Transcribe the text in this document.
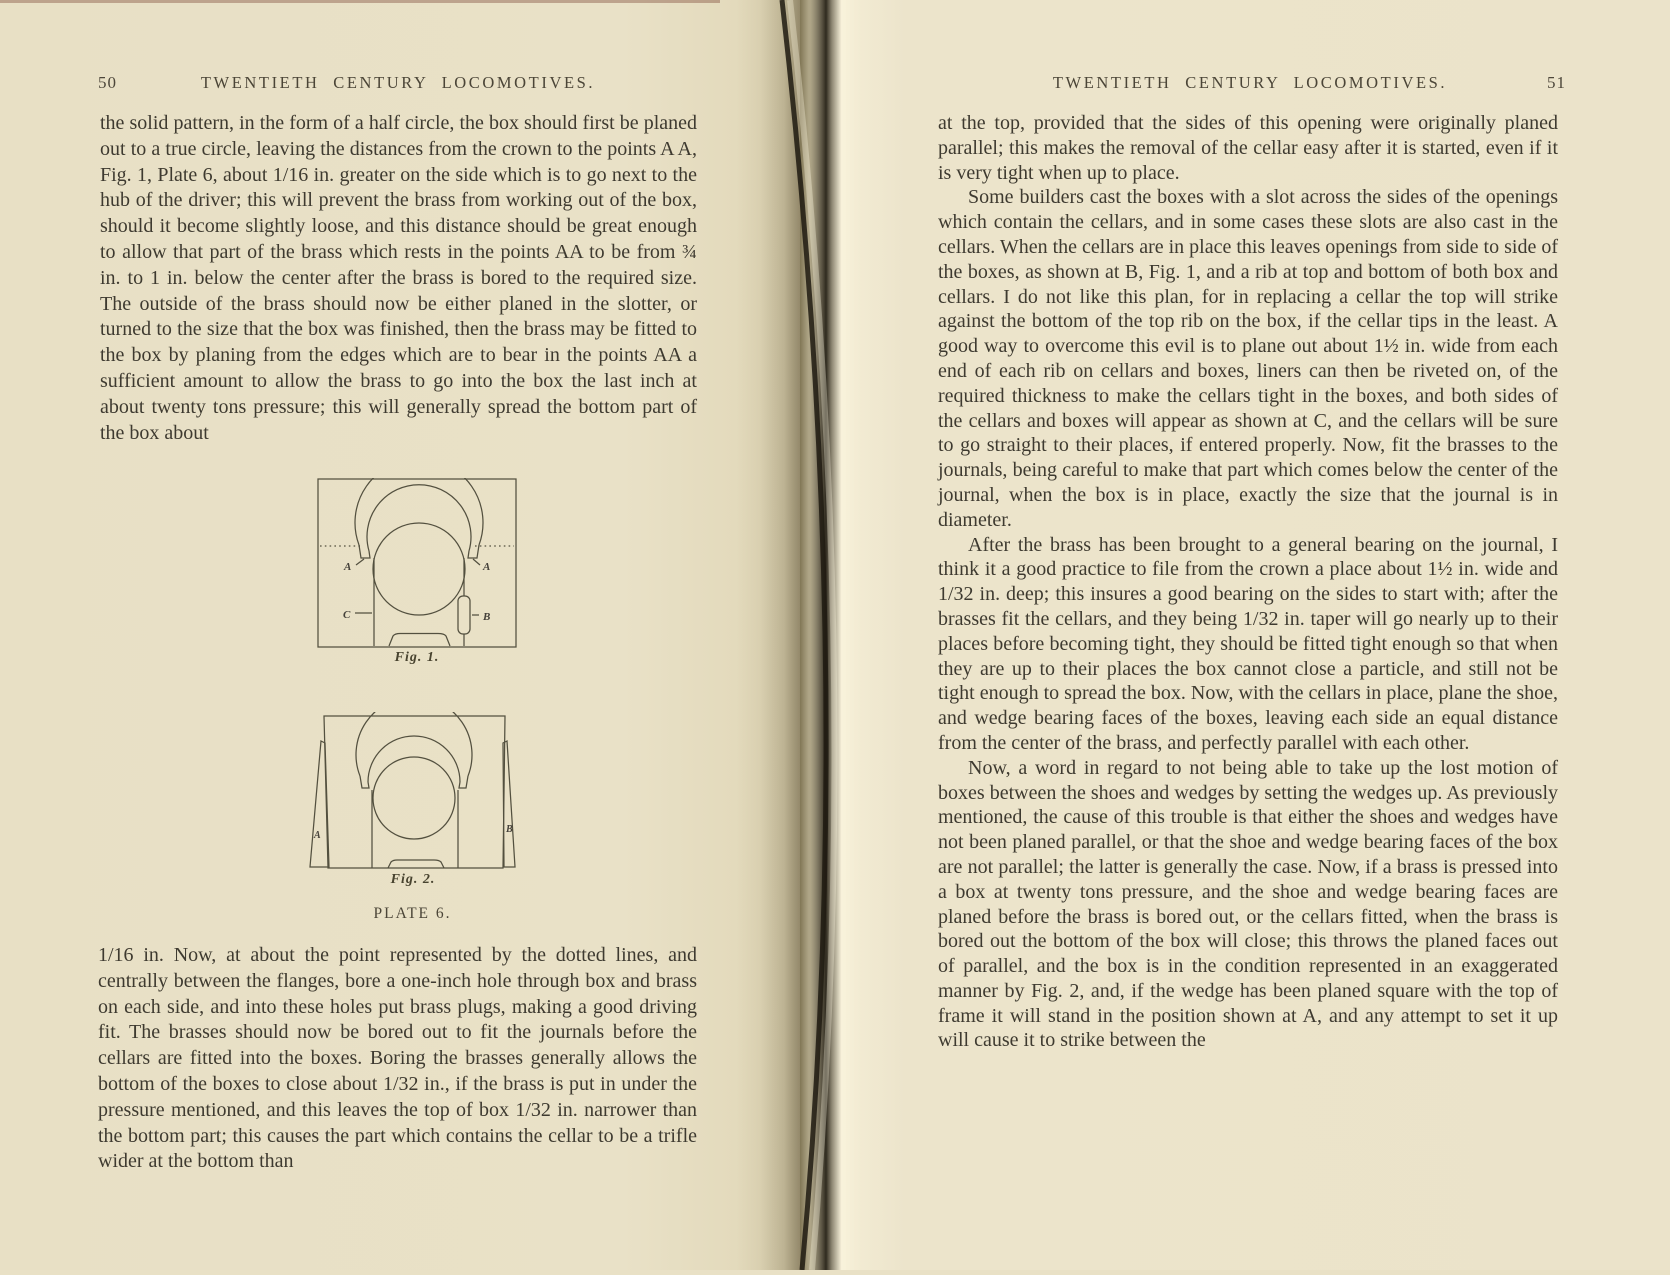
50	TWENTIETH CENTURY LOCOMOTIVES.

the solid pattern, in the form of a half circle, the box should first be planed out to a true circle, leaving the distances from the crown to the points A A, Fig. 1, Plate 6, about 1/16 in. greater on the side which is to go next to the hub of the driver; this will prevent the brass from working out of the box, should it become slightly loose, and this distance should be great enough to allow that part of the brass which rests in the points AA to be from ¾ in. to 1 in. below the center after the brass is bored to the required size. The outside of the brass should now be either planed in the slotter, or turned to the size that the box was finished, then the brass may be fitted to the box by planing from the edges which are to bear in the points AA a sufficient amount to allow the brass to go into the box the last inch at about twenty tons pressure; this will generally spread the bottom part of the box about

A	A
C	B
Fig. 1.
A
B
Fig. 2.
PLATE 6.

1/16 in. Now, at about the point represented by the dotted lines, and centrally between the flanges, bore a one-inch hole through box and brass on each side, and into these holes put brass plugs, making a good driving fit. The brasses should now be bored out to fit the journals before the cellars are fitted into the boxes. Boring the brasses generally allows the bottom of the boxes to close about 1/32 in., if the brass is put in under the pressure mentioned, and this leaves the top of box 1/32 in. narrower than the bottom part; this causes the part which contains the cellar to be a trifle wider at the bottom than

TWENTIETH CENTURY LOCOMOTIVES.	51

at the top, provided that the sides of this opening were originally planed parallel; this makes the removal of the cellar easy after it is started, even if it is very tight when up to place.

Some builders cast the boxes with a slot across the sides of the openings which contain the cellars, and in some cases these slots are also cast in the cellars. When the cellars are in place this leaves openings from side to side of the boxes, as shown at B, Fig. 1, and a rib at top and bottom of both box and cellars. I do not like this plan, for in replacing a cellar the top will strike against the bottom of the top rib on the box, if the cellar tips in the least. A good way to overcome this evil is to plane out about 1½ in. wide from each end of each rib on cellars and boxes, liners can then be riveted on, of the required thickness to make the cellars tight in the boxes, and both sides of the cellars and boxes will appear as shown at C, and the cellars will be sure to go straight to their places, if entered properly. Now, fit the brasses to the journals, being careful to make that part which comes below the center of the journal, when the box is in place, exactly the size that the journal is in diameter.

After the brass has been brought to a general bearing on the journal, I think it a good practice to file from the crown a place about 1½ in. wide and 1/32 in. deep; this insures a good bearing on the sides to start with; after the brasses fit the cellars, and they being 1/32 in. taper will go nearly up to their places before becoming tight, they should be fitted tight enough so that when they are up to their places the box cannot close a particle, and still not be tight enough to spread the box. Now, with the cellars in place, plane the shoe, and wedge bearing faces of the boxes, leaving each side an equal distance from the center of the brass, and perfectly parallel with each other.

Now, a word in regard to not being able to take up the lost motion of boxes between the shoes and wedges by setting the wedges up. As previously mentioned, the cause of this trouble is that either the shoes and wedges have not been planed parallel, or that the shoe and wedge bearing faces of the box are not parallel; the latter is generally the case. Now, if a brass is pressed into a box at twenty tons pressure, and the shoe and wedge bearing faces are planed before the brass is bored out, or the cellars fitted, when the brass is bored out the bottom of the box will close; this throws the planed faces out of parallel, and the box is in the condition represented in an exaggerated manner by Fig. 2, and, if the wedge has been planed square with the top of frame it will stand in the position shown at A, and any attempt to set it up will cause it to strike between the
